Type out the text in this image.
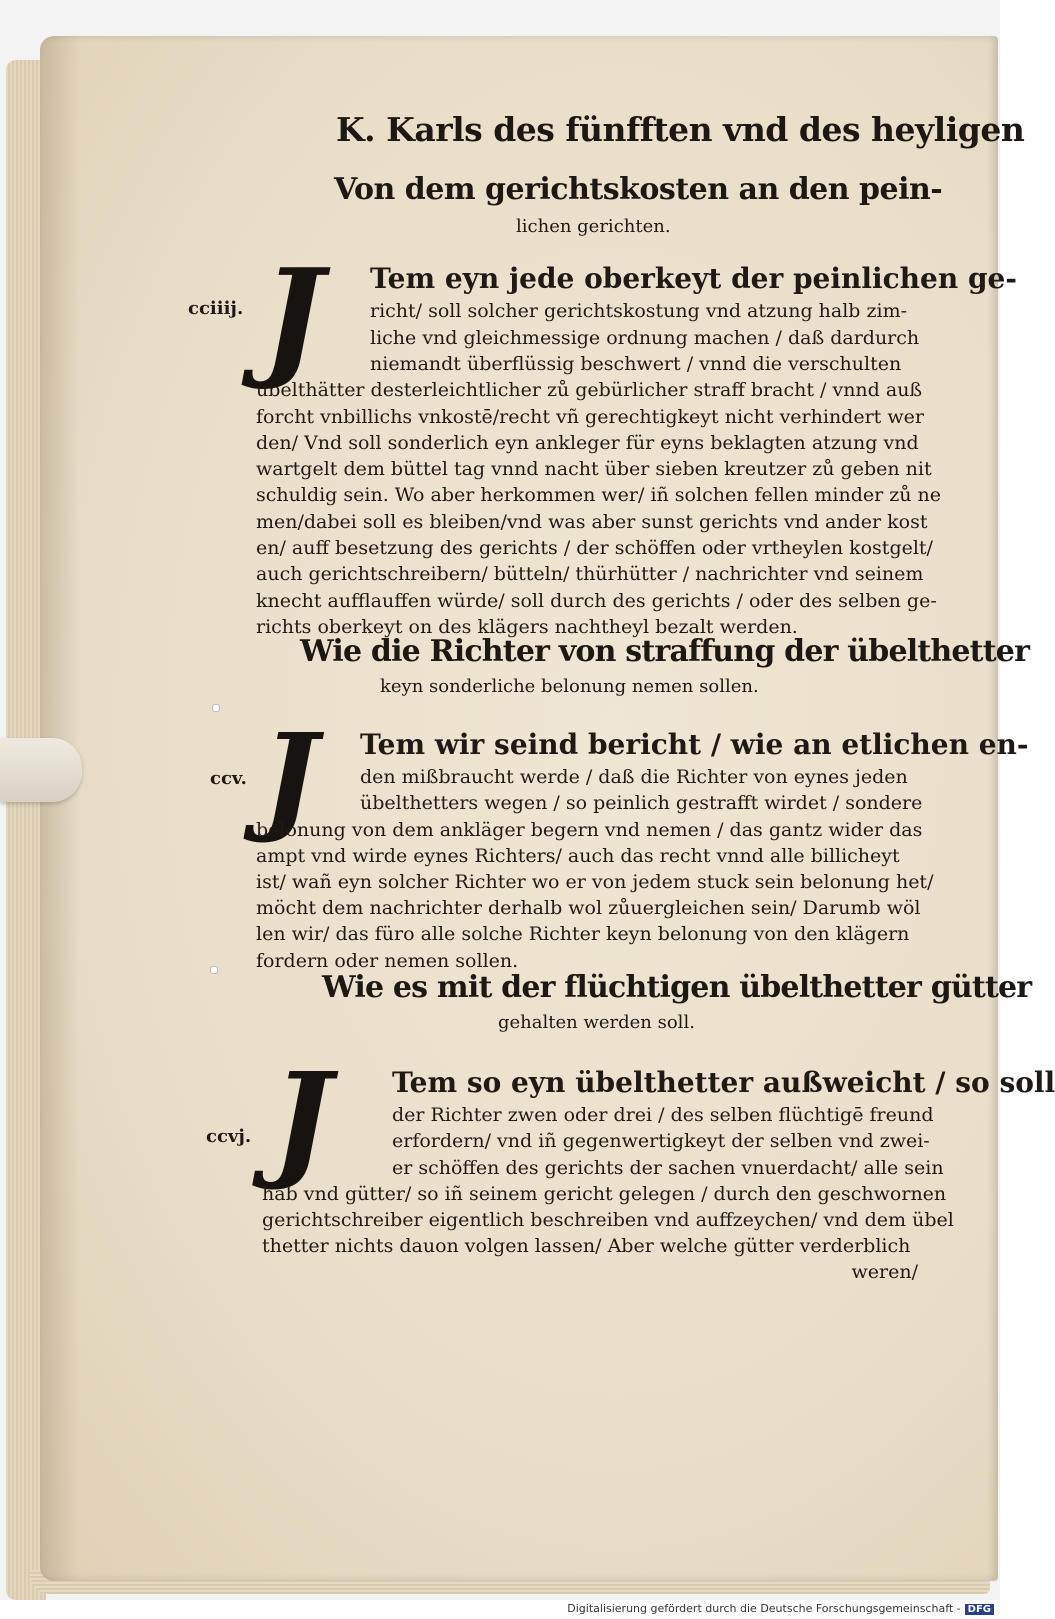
K. Karls des fünfften vnd des heyligen
Von dem gerichtskosten an den pein-
lichen gerichten.
cciiij. J Tem eyn jede oberkeyt der peinlichen ge-
richt/ soll solcher gerichtskostung vnd atzung halb zim-
liche vnd gleichmessige ordnung machen / daß dardurch
niemandt überflüssig beschwert / vnnd die verschulten
übelthätter desterleichtlicher zů gebürlicher straff bracht / vnnd auß
forcht vnbillichs vnkostē/recht vñ gerechtigkeyt nicht verhindert wer
den/ Vnd soll sonderlich eyn ankleger für eyns beklagten atzung vnd
wartgelt dem büttel tag vnnd nacht über sieben kreutzer zů geben nit
schuldig sein. Wo aber herkommen wer/ iñ solchen fellen minder zů ne
men/dabei soll es bleiben/vnd was aber sunst gerichts vnd ander kost
en/ auff besetzung des gerichts / der schöffen oder vrtheylen kostgelt/
auch gerichtschreibern/ bütteln/ thürhütter / nachrichter vnd seinem
knecht aufflauffen würde/ soll durch des gerichts / oder des selben ge-
richts oberkeyt on des klägers nachtheyl bezalt werden.
Wie die Richter von straffung der übelthetter
keyn sonderliche belonung nemen sollen.
ccv. J Tem wir seind bericht / wie an etlichen en-
den mißbraucht werde / daß die Richter von eynes jeden
übelthetters wegen / so peinlich gestrafft wirdet / sondere
belonung von dem ankläger begern vnd nemen / das gantz wider das
ampt vnd wirde eynes Richters/ auch das recht vnnd alle billicheyt
ist/ wañ eyn solcher Richter wo er von jedem stuck sein belonung het/
möcht dem nachrichter derhalb wol zůuergleichen sein/ Darumb wöl
len wir/ das füro alle solche Richter keyn belonung von den klägern
fordern oder nemen sollen.
Wie es mit der flüchtigen übelthetter gütter
gehalten werden soll.
ccvj. J Tem so eyn übelthetter außweicht / so soll
der Richter zwen oder drei / des selben flüchtigē freund
erfordern/ vnd iñ gegenwertigkeyt der selben vnd zwei-
er schöffen des gerichts der sachen vnuerdacht/ alle sein
hab vnd gütter/ so iñ seinem gericht gelegen / durch den geschwornen
gerichtschreiber eigentlich beschreiben vnd auffzeychen/ vnd dem übel
thetter nichts dauon volgen lassen/ Aber welche gütter verderblich
weren/
Digitalisierung gefördert durch die Deutsche Forschungsgemeinschaft - DFG
